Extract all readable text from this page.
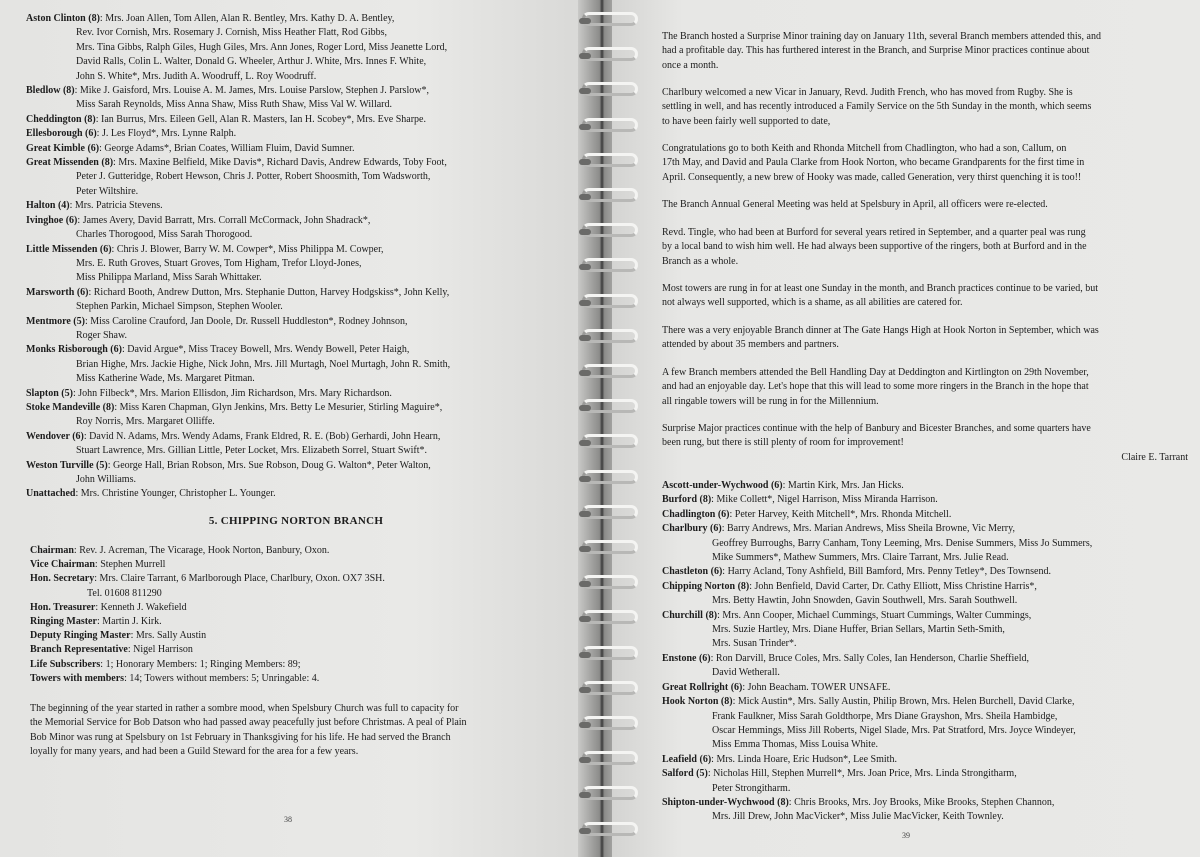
Aston Clinton (8): Mrs. Joan Allen, Tom Allen, Alan R. Bentley, Mrs. Kathy D. A. Bentley,
Rev. Ivor Cornish, Mrs. Rosemary J. Cornish, Miss Heather Flatt, Rod Gibbs,
Mrs. Tina Gibbs, Ralph Giles, Hugh Giles, Mrs. Ann Jones, Roger Lord, Miss Jeanette Lord,
David Ralls, Colin L. Walter, Donald G. Wheeler, Arthur J. White, Mrs. Innes F. White,
John S. White*, Mrs. Judith A. Woodruff, L. Roy Woodruff.
Bledlow (8): Mike J. Gaisford, Mrs. Louise A. M. James, Mrs. Louise Parslow, Stephen J. Parslow*,
Miss Sarah Reynolds, Miss Anna Shaw, Miss Ruth Shaw, Miss Val W. Willard.
Cheddington (8): Ian Burrus, Mrs. Eileen Gell, Alan R. Masters, Ian H. Scobey*, Mrs. Eve Sharpe.
Ellesborough (6): J. Les Floyd*, Mrs. Lynne Ralph.
Great Kimble (6): George Adams*, Brian Coates, William Fluim, David Sumner.
Great Missenden (8): Mrs. Maxine Belfield, Mike Davis*, Richard Davis, Andrew Edwards, Toby Foot,
Peter J. Gutteridge, Robert Hewson, Chris J. Potter, Robert Shoosmith, Tom Wadsworth,
Peter Wiltshire.
Halton (4): Mrs. Patricia Stevens.
Ivinghoe (6): James Avery, David Barratt, Mrs. Corrall McCormack, John Shadrack*,
Charles Thorogood, Miss Sarah Thorogood.
Little Missenden (6): Chris J. Blower, Barry W. M. Cowper*, Miss Philippa M. Cowper,
Mrs. E. Ruth Groves, Stuart Groves, Tom Higham, Trefor Lloyd-Jones,
Miss Philippa Marland, Miss Sarah Whittaker.
Marsworth (6): Richard Booth, Andrew Dutton, Mrs. Stephanie Dutton, Harvey Hodgskiss*, John Kelly,
Stephen Parkin, Michael Simpson, Stephen Wooler.
Mentmore (5): Miss Caroline Crauford, Jan Doole, Dr. Russell Huddleston*, Rodney Johnson,
Roger Shaw.
Monks Risborough (6): David Argue*, Miss Tracey Bowell, Mrs. Wendy Bowell, Peter Haigh,
Brian Highe, Mrs. Jackie Highe, Nick John, Mrs. Jill Murtagh, Noel Murtagh, John R. Smith,
Miss Katherine Wade, Ms. Margaret Pitman.
Slapton (5): John Filbeck*, Mrs. Marion Ellisdon, Jim Richardson, Mrs. Mary Richardson.
Stoke Mandeville (8): Miss Karen Chapman, Glyn Jenkins, Mrs. Betty Le Mesurier, Stirling Maguire*,
Roy Norris, Mrs. Margaret Olliffe.
Wendover (6): David N. Adams, Mrs. Wendy Adams, Frank Eldred, R. E. (Bob) Gerhardi, John Hearn,
Stuart Lawrence, Mrs. Gillian Little, Peter Locket, Mrs. Elizabeth Sorrel, Stuart Swift*.
Weston Turville (5): George Hall, Brian Robson, Mrs. Sue Robson, Doug G. Walton*, Peter Walton,
John Williams.
Unattached: Mrs. Christine Younger, Christopher L. Younger.
5. CHIPPING NORTON BRANCH
Chairman: Rev. J. Acreman, The Vicarage, Hook Norton, Banbury, Oxon.
Vice Chairman: Stephen Murrell
Hon. Secretary: Mrs. Claire Tarrant, 6 Marlborough Place, Charlbury, Oxon. OX7 3SH.
Tel. 01608 811290
Hon. Treasurer: Kenneth J. Wakefield
Ringing Master: Martin J. Kirk.
Deputy Ringing Master: Mrs. Sally Austin
Branch Representative: Nigel Harrison
Life Subscribers: 1; Honorary Members: 1; Ringing Members: 89;
Towers with members: 14; Towers without members: 5; Unringable: 4.

The beginning of the year started in rather a sombre mood, when Spelsbury Church was full to capacity for
the Memorial Service for Bob Datson who had passed away peacefully just before Christmas. A peal of Plain
Bob Minor was rung at Spelsbury on 1st February in Thanksgiving for his life. He had served the Branch
loyally for many years, and had been a Guild Steward for the area for a few years.

38

The Branch hosted a Surprise Minor training day on January 11th, several Branch members attended this, and
had a profitable day. This has furthered interest in the Branch, and Surprise Minor practices continue about
once a month.

Charlbury welcomed a new Vicar in January, Revd. Judith French, who has moved from Rugby. She is
settling in well, and has recently introduced a Family Service on the 5th Sunday in the month, which seems
to have been fairly well supported to date,

Congratulations go to both Keith and Rhonda Mitchell from Chadlington, who had a son, Callum, on
17th May, and David and Paula Clarke from Hook Norton, who became Grandparents for the first time in
April. Consequently, a new brew of Hooky was made, called Generation, very thirst quenching it is too!!

The Branch Annual General Meeting was held at Spelsbury in April, all officers were re-elected.

Revd. Tingle, who had been at Burford for several years retired in September, and a quarter peal was rung
by a local band to wish him well. He had always been supportive of the ringers, both at Burford and in the
Branch as a whole.

Most towers are rung in for at least one Sunday in the month, and Branch practices continue to be varied, but
not always well supported, which is a shame, as all abilities are catered for.

There was a very enjoyable Branch dinner at The Gate Hangs High at Hook Norton in September, which was
attended by about 35 members and partners.

A few Branch members attended the Bell Handling Day at Deddington and Kirtlington on 29th November,
and had an enjoyable day. Let's hope that this will lead to some more ringers in the Branch in the hope that
all ringable towers will be rung in for the Millennium.

Surprise Major practices continue with the help of Banbury and Bicester Branches, and some quarters have
been rung, but there is still plenty of room for improvement!

Claire E. Tarrant
Ascott-under-Wychwood (6): Martin Kirk, Mrs. Jan Hicks.
Burford (8): Mike Collett*, Nigel Harrison, Miss Miranda Harrison.
Chadlington (6): Peter Harvey, Keith Mitchell*, Mrs. Rhonda Mitchell.
Charlbury (6): Barry Andrews, Mrs. Marian Andrews, Miss Sheila Browne, Vic Merry,
Geoffrey Burroughs, Barry Canham, Tony Leeming, Mrs. Denise Summers, Miss Jo Summers,
Mike Summers*, Mathew Summers, Mrs. Claire Tarrant, Mrs. Julie Read.
Chastleton (6): Harry Acland, Tony Ashfield, Bill Bamford, Mrs. Penny Tetley*, Des Townsend.
Chipping Norton (8): John Benfield, David Carter, Dr. Cathy Elliott, Miss Christine Harris*,
Mrs. Betty Hawtin, John Snowden, Gavin Southwell, Mrs. Sarah Southwell.
Churchill (8): Mrs. Ann Cooper, Michael Cummings, Stuart Cummings, Walter Cummings,
Mrs. Suzie Hartley, Mrs. Diane Huffer, Brian Sellars, Martin Seth-Smith,
Mrs. Susan Trinder*.
Enstone (6): Ron Darvill, Bruce Coles, Mrs. Sally Coles, Ian Henderson, Charlie Sheffield,
David Wetherall.
Great Rollright (6): John Beacham. TOWER UNSAFE.
Hook Norton (8): Mick Austin*, Mrs. Sally Austin, Philip Brown, Mrs. Helen Burchell, David Clarke,
Frank Faulkner, Miss Sarah Goldthorpe, Mrs Diane Grayshon, Mrs. Sheila Hambidge,
Oscar Hemmings, Miss Jill Roberts, Nigel Slade, Mrs. Pat Stratford, Mrs. Joyce Windeyer,
Miss Emma Thomas, Miss Louisa White.
Leafield (6): Mrs. Linda Hoare, Eric Hudson*, Lee Smith.
Salford (5): Nicholas Hill, Stephen Murrell*, Mrs. Joan Price, Mrs. Linda Strongitharm,
Peter Strongitharm.
Shipton-under-Wychwood (8): Chris Brooks, Mrs. Joy Brooks, Mike Brooks, Stephen Channon,
Mrs. Jill Drew, John MacVicker*, Miss Julie MacVicker, Keith Townley.
39
